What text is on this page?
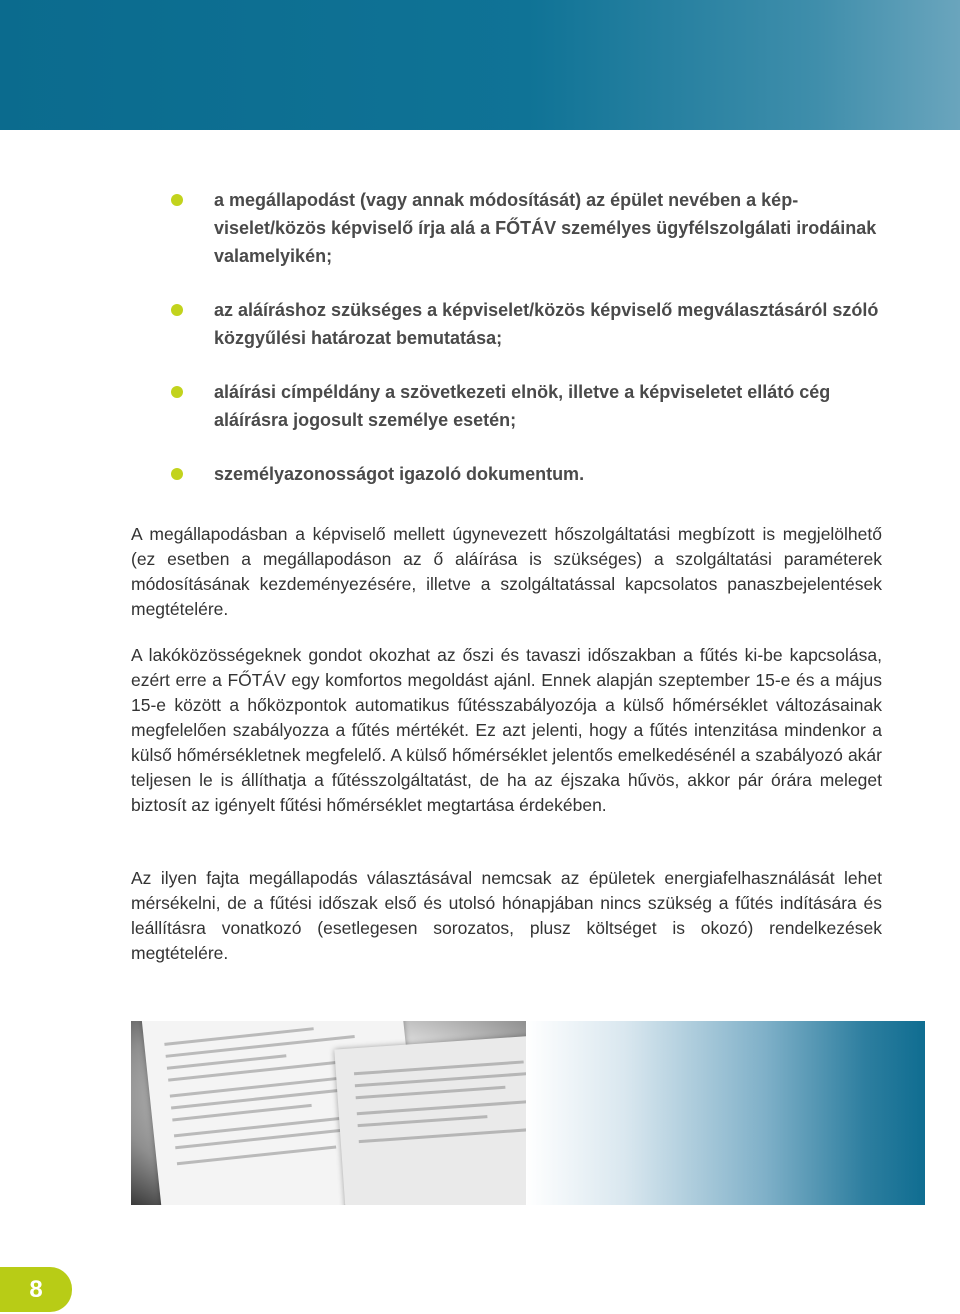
a megállapodást (vagy annak módosítását) az épület nevében a képviselet/közös képviselő írja alá a FŐTÁV személyes ügyfélszolgálati irodáinak valamelyikén;
az aláíráshoz szükséges a képviselet/közös képviselő megválasztásáról szóló közgyűlési határozat bemutatása;
aláírási címpéldány a szövetkezeti elnök, illetve a képviseletet ellátó cég aláírásra jogosult személye esetén;
személyazonosságot igazoló dokumentum.

A megállapodásban a képviselő mellett úgynevezett hőszolgáltatási megbízott is megjelölhető (ez esetben a megállapodáson az ő aláírása is szükséges) a szolgáltatási paraméterek módosításának kezdeményezésére, illetve a szolgáltatással kapcsolatos panaszbejelentések megtételére.

A lakóközösségeknek gondot okozhat az őszi és tavaszi időszakban a fűtés ki-be kapcsolása, ezért erre a FŐTÁV egy komfortos megoldást ajánl. Ennek alapján szeptember 15-e és a május 15-e között a hőközpontok automatikus fűtésszabályozója a külső hőmérséklet változásainak megfelelően szabályozza a fűtés mértékét. Ez azt jelenti, hogy a fűtés intenzitása mindenkor a külső hőmérsékletnek megfelelő. A külső hőmérséklet jelentős emelkedésénél a szabályozó akár teljesen le is állíthatja a fűtésszolgáltatást, de ha az éjszaka hűvös, akkor pár órára meleget biztosít az igényelt fűtési hőmérséklet megtartása érdekében.

Az ilyen fajta megállapodás választásával nemcsak az épületek energiafelhasználását lehet mérsékelni, de a fűtési időszak első és utolsó hónapjában nincs szükség a fűtés indítására és leállításra vonatkozó (esetlegesen sorozatos, plusz költséget is okozó) rendelkezések megtételére.

8
